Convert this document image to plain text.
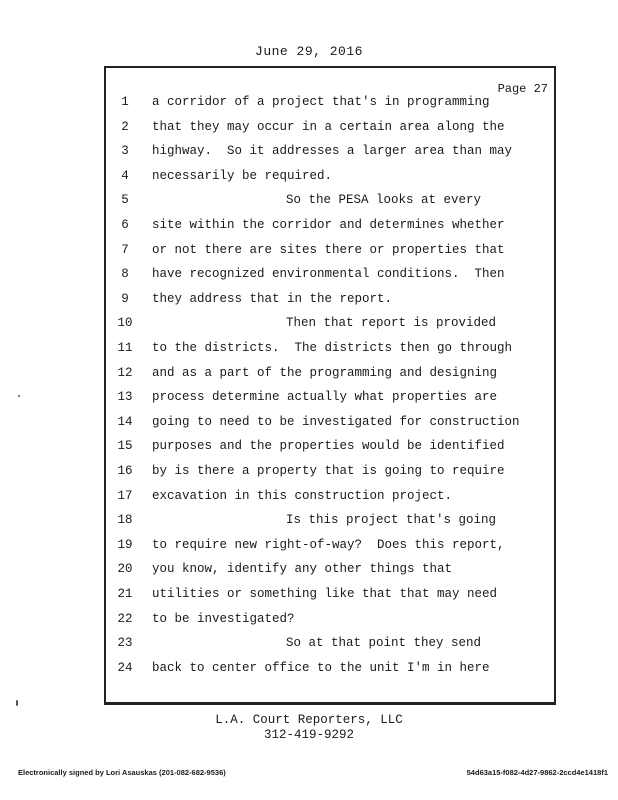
June 29, 2016
Page 27
1	a corridor of a project that's in programming
2	that they may occur in a certain area along the
3	highway.  So it addresses a larger area than may
4	necessarily be required.
5	So the PESA looks at every
6	site within the corridor and determines whether
7	or not there are sites there or properties that
8	have recognized environmental conditions.  Then
9	they address that in the report.
10	Then that report is provided
11 to the districts.  The districts then go through
12 and as a part of the programming and designing
13 process determine actually what properties are
14 going to need to be investigated for construction
15 purposes and the properties would be identified
16 by is there a property that is going to require
17 excavation in this construction project.
18	Is this project that's going
19 to require new right-of-way?  Does this report,
20 you know, identify any other things that
21 utilities or something like that that may need
22 to be investigated?
23	So at that point they send
24 back to center office to the unit I'm in here
L.A. Court Reporters, LLC
312-419-9292
Electronically signed by Lori Asauskas (201-082-682-9536)	54d63a15-f082-4d27-9862-2ccd4e1418f1
